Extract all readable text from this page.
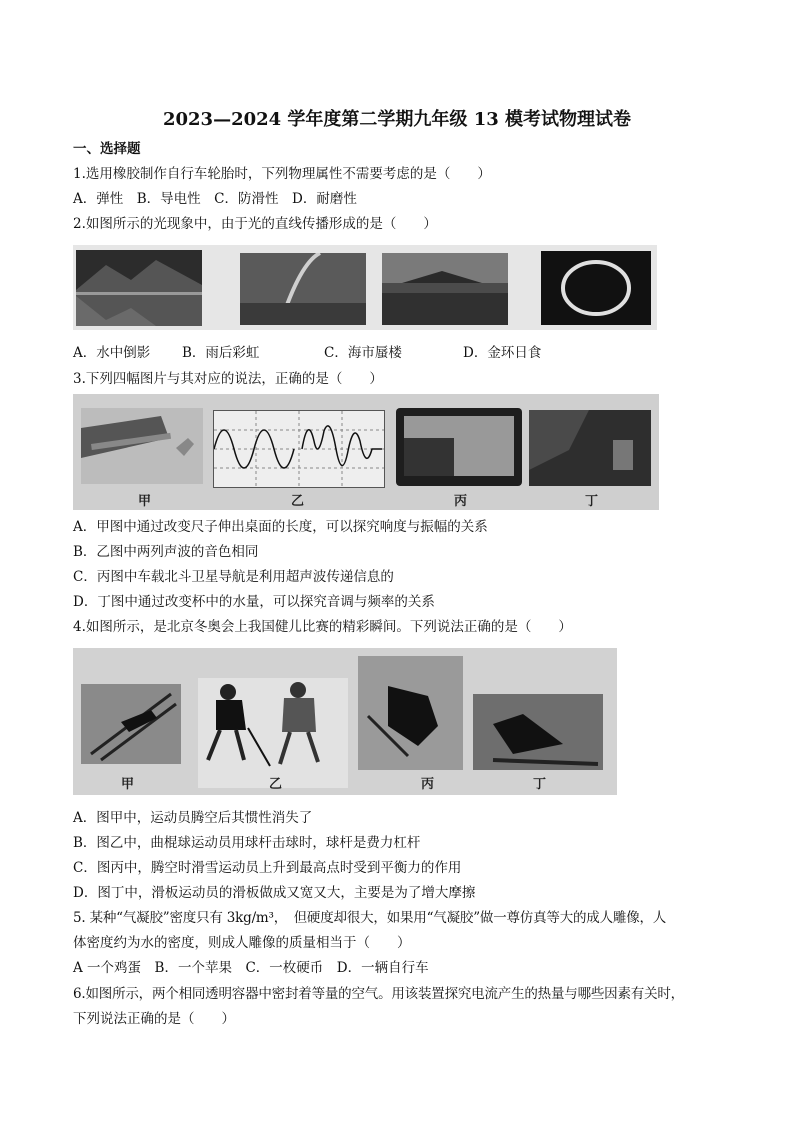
2023—2024 学年度第二学期九年级 13 模考试物理试卷
一、选择题
1.选用橡胶制作自行车轮胎时，下列物理属性不需要考虑的是（　　）
A．弹性　B．导电性　C．防滑性　D．耐磨性
2.如图所示的光现象中，由于光的直线传播形成的是（　　）
A．水中倒影 B．雨后彩虹	C．海市蜃楼	D．金环日食
3.下列四幅图片与其对应的说法，正确的是（　　）
甲	乙	丙	丁
A．甲图中通过改变尺子伸出桌面的长度，可以探究响度与振幅的关系
B．乙图中两列声波的音色相同
C．丙图中车载北斗卫星导航是利用超声波传递信息的
D．丁图中通过改变杯中的水量，可以探究音调与频率的关系
4.如图所示，是北京冬奥会上我国健儿比赛的精彩瞬间。下列说法正确的是（　　）
甲	乙	丙	丁
A．图甲中，运动员腾空后其惯性消失了
B．图乙中，曲棍球运动员用球杆击球时，球杆是费力杠杆
C．图丙中，腾空时滑雪运动员上升到最高点时受到平衡力的作用
D．图丁中，滑板运动员的滑板做成又宽又大，主要是为了增大摩擦
5. 某种“气凝胶”密度只有 3kg/m³，　但硬度却很大，如果用“气凝胶”做一尊仿真等大的成人雕像，人
体密度约为水的密度，则成人雕像的质量相当于（　　）
A 一个鸡蛋　B．一个苹果　C．一枚硬币　D．一辆自行车
6.如图所示，两个相同透明容器中密封着等量的空气。用该装置探究电流产生的热量与哪些因素有关时，
下列说法正确的是（　　）
